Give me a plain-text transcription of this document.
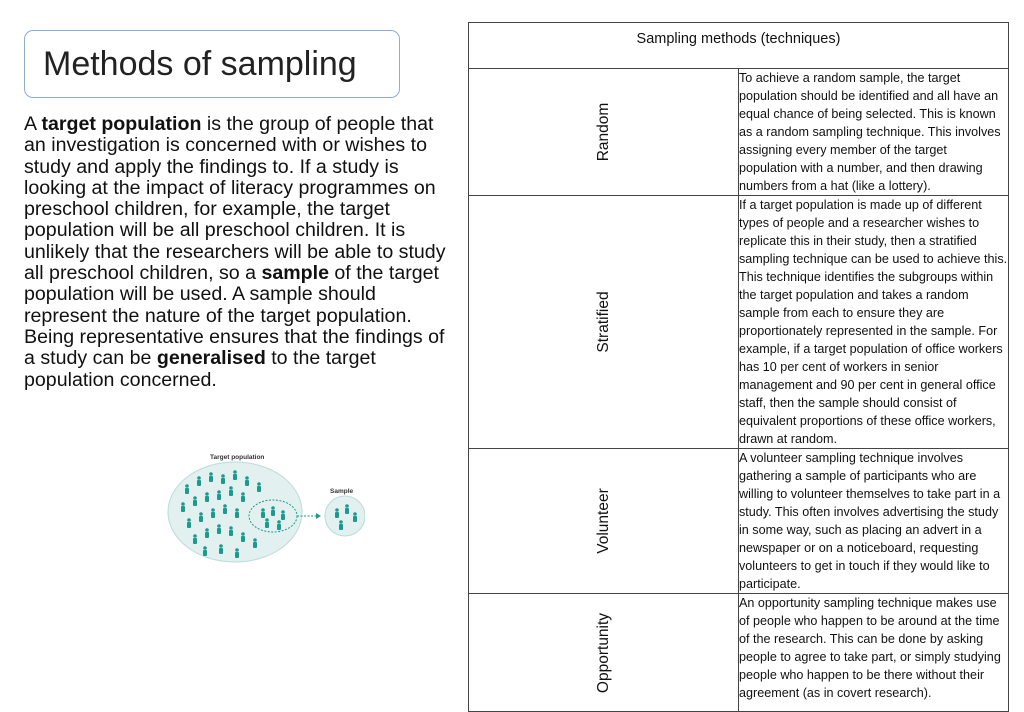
Methods of sampling
A target population is the group of people that an investigation is concerned with or wishes to study and apply the findings to. If a study is looking at the impact of literacy programmes on preschool children, for example, the target population will be all preschool children. It is unlikely that the researchers will be able to study all preschool children, so a sample of the target population will be used. A sample should represent the nature of the target population. Being representative ensures that the findings of a study can be generalised to the target population concerned.
Target population
Sample
Sampling methods (techniques)	

Random	To achieve a random sample, the target population should be identified and all have an equal chance of being selected. This is known as a random sampling technique. This involves assigning every member of the target population with a number, and then drawing numbers from a hat (like a lottery).

Stratified	If a target population is made up of different types of people and a researcher wishes to replicate this in their study, then a stratified sampling technique can be used to achieve this. This technique identifies the subgroups within the target population and takes a random sample from each to ensure they are proportionately represented in the sample. For
example, if a target population of office workers has 10 per cent of workers in senior management and 90 per cent in general office staff, then the sample should consist of equivalent proportions of these office workers, drawn at random.

Volunteer	A volunteer sampling technique involves gathering a sample of participants who are willing to volunteer themselves to take part in a study. This often involves advertising the study in some way, such as placing an advert in a newspaper or on a noticeboard, requesting volunteers to get in touch if they would like to participate.

Opportunity	An opportunity sampling technique makes use of people who happen to be around at the time of the research. This can be done by asking people to agree to take part, or simply studying people who happen to be there without their agreement (as in covert research).
